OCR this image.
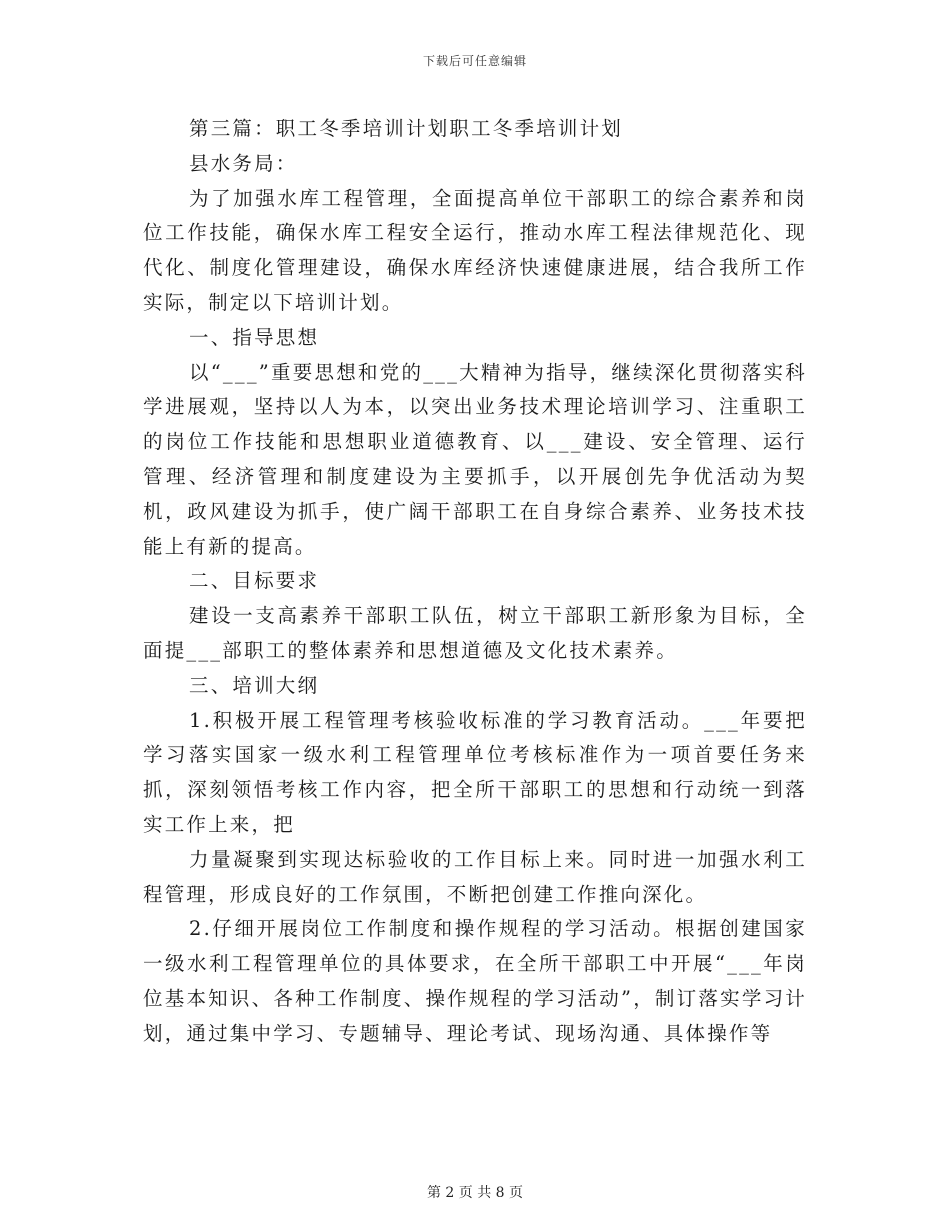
下载后可任意编辑

第三篇：职工冬季培训计划职工冬季培训计划

县水务局：

为了加强水库工程管理，全面提高单位干部职工的综合素养和岗位工作技能，确保水库工程安全运行，推动水库工程法律规范化、现代化、制度化管理建设，确保水库经济快速健康进展，结合我所工作实际，制定以下培训计划。

一、指导思想

以“___”重要思想和党的___大精神为指导，继续深化贯彻落实科学进展观，坚持以人为本，以突出业务技术理论培训学习、注重职工的岗位工作技能和思想职业道德教育、以___建设、安全管理、运行管理、经济管理和制度建设为主要抓手，以开展创先争优活动为契机，政风建设为抓手，使广阔干部职工在自身综合素养、业务技术技能上有新的提高。

二、目标要求

建设一支高素养干部职工队伍，树立干部职工新形象为目标，全面提___部职工的整体素养和思想道德及文化技术素养。

三、培训大纲

1.积极开展工程管理考核验收标准的学习教育活动。___年要把学习落实国家一级水利工程管理单位考核标准作为一项首要任务来抓，深刻领悟考核工作内容，把全所干部职工的思想和行动统一到落实工作上来，把

力量凝聚到实现达标验收的工作目标上来。同时进一加强水利工程管理，形成良好的工作氛围，不断把创建工作推向深化。

2.仔细开展岗位工作制度和操作规程的学习活动。根据创建国家一级水利工程管理单位的具体要求，在全所干部职工中开展“___年岗位基本知识、各种工作制度、操作规程的学习活动”，制订落实学习计划，通过集中学习、专题辅导、理论考试、现场沟通、具体操作等

第 2 页 共 8 页
